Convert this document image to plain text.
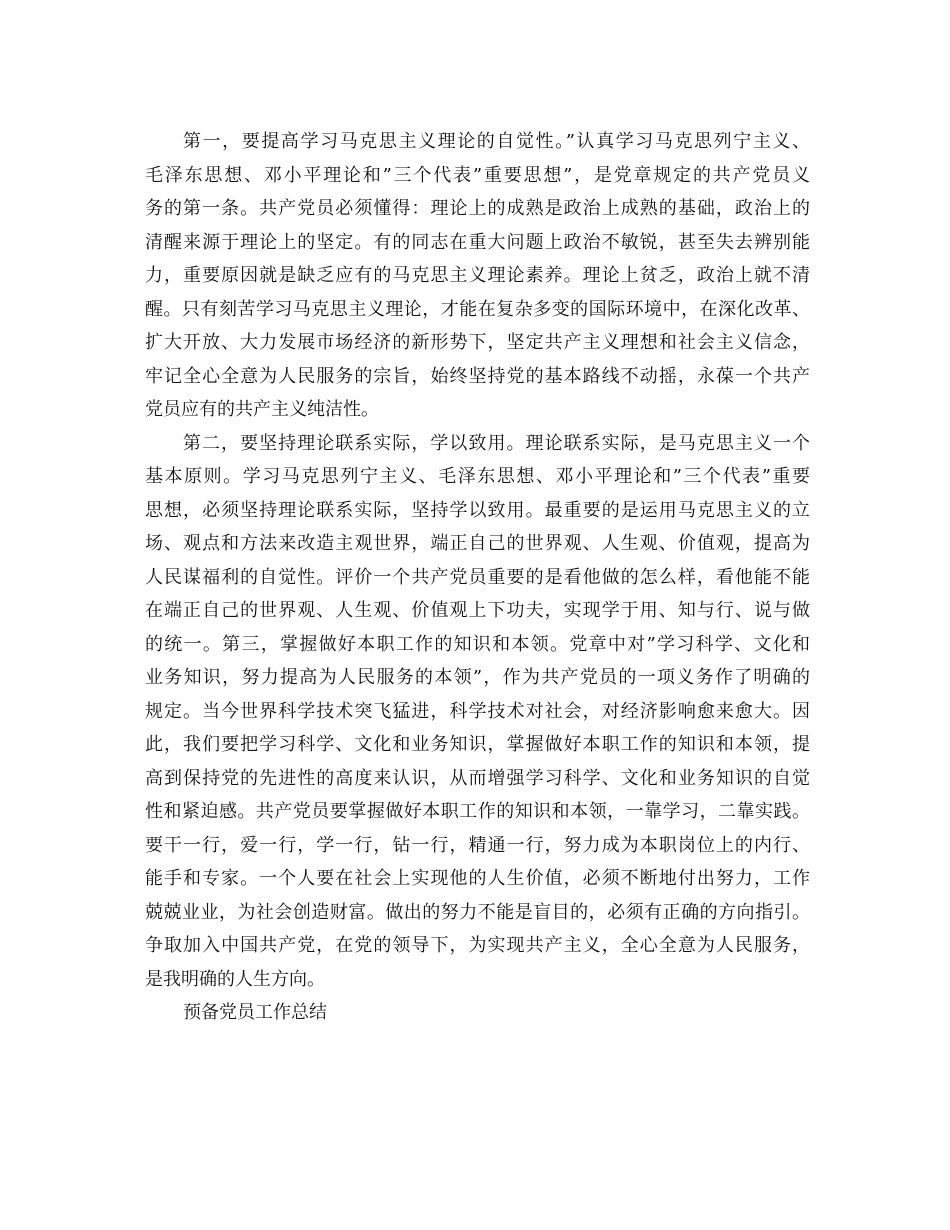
第一，要提高学习马克思主义理论的自觉性。”认真学习马克思列宁主义、
毛泽东思想、邓小平理论和”三个代表”重要思想”，是党章规定的共产党员义
务的第一条。共产党员必须懂得：理论上的成熟是政治上成熟的基础，政治上的
清醒来源于理论上的坚定。有的同志在重大问题上政治不敏锐，甚至失去辨别能
力，重要原因就是缺乏应有的马克思主义理论素养。理论上贫乏，政治上就不清
醒。只有刻苦学习马克思主义理论，才能在复杂多变的国际环境中，在深化改革、
扩大开放、大力发展市场经济的新形势下，坚定共产主义理想和社会主义信念，
牢记全心全意为人民服务的宗旨，始终坚持党的基本路线不动摇，永葆一个共产
党员应有的共产主义纯洁性。

第二，要坚持理论联系实际，学以致用。理论联系实际，是马克思主义一个
基本原则。学习马克思列宁主义、毛泽东思想、邓小平理论和”三个代表”重要
思想，必须坚持理论联系实际，坚持学以致用。最重要的是运用马克思主义的立
场、观点和方法来改造主观世界，端正自己的世界观、人生观、价值观，提高为
人民谋福利的自觉性。评价一个共产党员重要的是看他做的怎么样，看他能不能
在端正自己的世界观、人生观、价值观上下功夫，实现学于用、知与行、说与做
的统一。第三，掌握做好本职工作的知识和本领。党章中对”学习科学、文化和
业务知识，努力提高为人民服务的本领”，作为共产党员的一项义务作了明确的
规定。当今世界科学技术突飞猛进，科学技术对社会，对经济影响愈来愈大。因
此，我们要把学习科学、文化和业务知识，掌握做好本职工作的知识和本领，提
高到保持党的先进性的高度来认识，从而增强学习科学、文化和业务知识的自觉
性和紧迫感。共产党员要掌握做好本职工作的知识和本领，一靠学习，二靠实践。
要干一行，爱一行，学一行，钻一行，精通一行，努力成为本职岗位上的内行、
能手和专家。一个人要在社会上实现他的人生价值，必须不断地付出努力，工作
兢兢业业，为社会创造财富。做出的努力不能是盲目的，必须有正确的方向指引。
争取加入中国共产党，在党的领导下，为实现共产主义，全心全意为人民服务，
是我明确的人生方向。

预备党员工作总结
